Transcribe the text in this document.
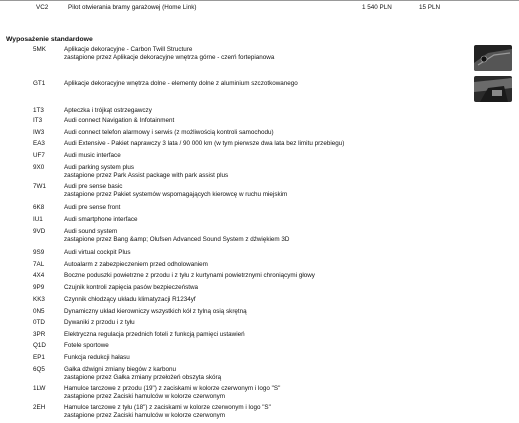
VC2	Pilot otwierania bramy garażowej (Home Link)	1 540 PLN	15 PLN
Wyposażenie standardowe
5MK	Aplikacje dekoracyjne - Carbon Twill Structure
zastąpione przez Aplikacje dekoracyjne wnętrza górne - czerń fortepianowa
GT1	Aplikacje dekoracyjne wnętrza dolne - elementy dolne z aluminium szczotkowanego
1T3	Apteczka i trójkąt ostrzegawczy
IT3	Audi connect Navigation & Infotainment
IW3	Audi connect telefon alarmowy i serwis (z możliwością kontroli samochodu)
EA3	Audi Extensive - Pakiet naprawczy 3 lata / 90 000 km (w tym pierwsze dwa lata bez limitu przebiegu)
UF7	Audi music interface
9X0	Audi parking system plus
zastąpione przez Park Assist package with park assist plus
7W1	Audi pre sense basic
zastąpione przez Pakiet systemów wspomagających kierowcę w ruchu miejskim
6K8	Audi pre sense front
IU1	Audi smartphone interface
9VD	Audi sound system
zastąpione przez Bang &amp; Olufsen Advanced Sound System z dźwiękiem 3D
9S9	Audi virtual cockpit Plus
7AL	Autoalarm z zabezpieczeniem przed odholowaniem
4X4	Boczne poduszki powietrzne z przodu i z tyłu z kurtynami powietrznymi chroniącymi głowy
9P9	Czujnik kontroli zapięcia pasów bezpieczeństwa
KK3	Czynnik chłodzący układu klimatyzacji R1234yf
0N5	Dynamiczny układ kierowniczy wszystkich kół z tylną osią skrętną
0TD	Dywaniki z przodu i z tyłu
3PR	Elektryczna regulacja przednich foteli z funkcją pamięci ustawień
Q1D	Fotele sportowe
EP1	Funkcja redukcji hałasu
6Q5	Gałka dźwigni zmiany biegów z karbonu
zastąpione przez Gałka zmiany przełożeń obszyta skórą
1LW	Hamulce tarczowe z przodu (19") z zaciskami w kolorze czerwonym i logo "S"
zastąpione przez Zaciski hamulców w kolorze czerwonym
2EH	Hamulce tarczowe z tyłu (18") z zaciskami w kolorze czerwonym i logo "S"
zastąpione przez Zaciski hamulców w kolorze czerwonym
